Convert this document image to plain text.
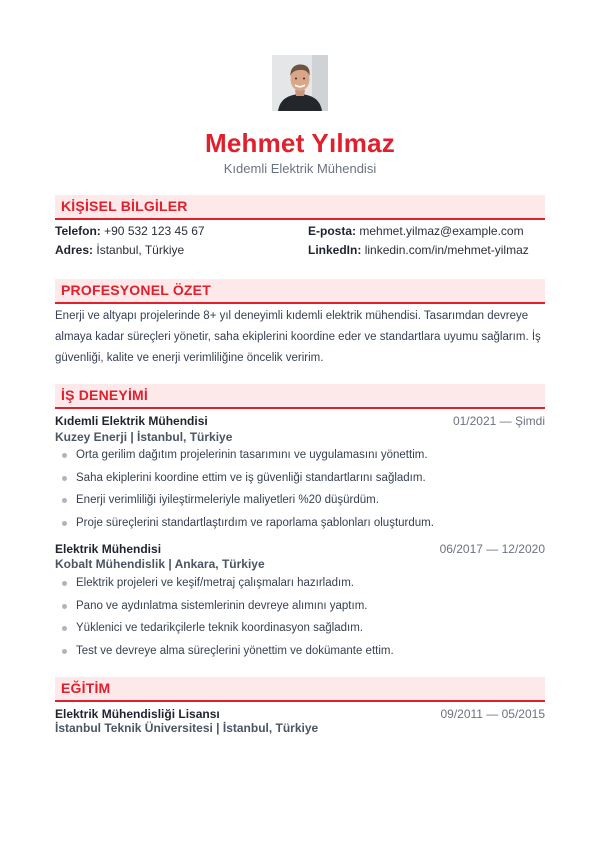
Mehmet Yılmaz
Kıdemli Elektrik Mühendisi
KİŞİSEL BİLGİLER
Telefon: +90 532 123 45 67
Adres: İstanbul, Türkiye
E-posta: mehmet.yilmaz@example.com
LinkedIn: linkedin.com/in/mehmet-yilmaz
PROFESYONEL ÖZET
Enerji ve altyapı projelerinde 8+ yıl deneyimli kıdemli elektrik mühendisi. Tasarımdan devreye almaya kadar süreçleri yönetir, saha ekiplerini koordine eder ve standartlara uyumu sağlarım. İş güvenliği, kalite ve enerji verimliliğine öncelik veririm.
İŞ DENEYİMİ
Kıdemli Elektrik Mühendisi	01/2021 — Şimdi
Kuzey Enerji | İstanbul, Türkiye
Orta gerilim dağıtım projelerinin tasarımını ve uygulamasını yönettim.
Saha ekiplerini koordine ettim ve iş güvenliği standartlarını sağladım.
Enerji verimliliği iyileştirmeleriyle maliyetleri %20 düşürdüm.
Proje süreçlerini standartlaştırdım ve raporlama şablonları oluşturdum.
Elektrik Mühendisi	06/2017 — 12/2020
Kobalt Mühendislik | Ankara, Türkiye
Elektrik projeleri ve keşif/metraj çalışmaları hazırladım.
Pano ve aydınlatma sistemlerinin devreye alımını yaptım.
Yüklenici ve tedarikçilerle teknik koordinasyon sağladım.
Test ve devreye alma süreçlerini yönettim ve dokümante ettim.
EĞİTİM
Elektrik Mühendisliği Lisansı	09/2011 — 05/2015
İstanbul Teknik Üniversitesi | İstanbul, Türkiye
